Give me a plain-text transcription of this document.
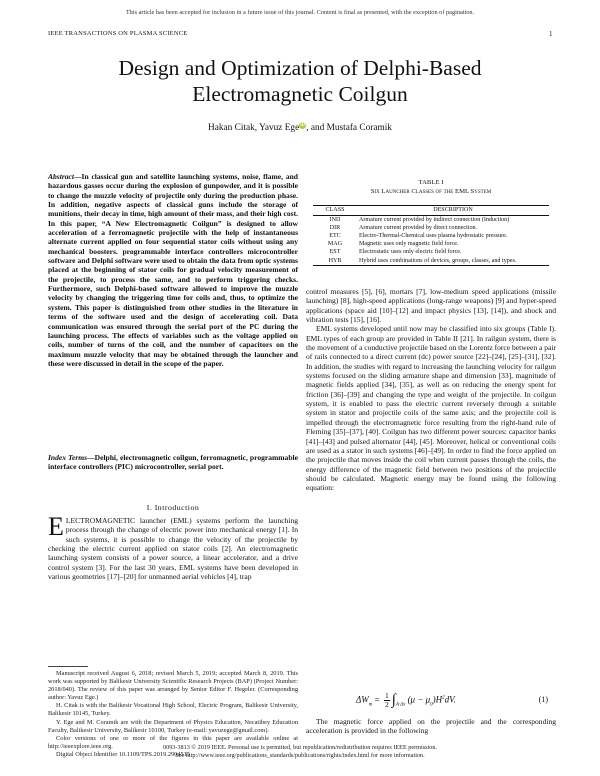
This article has been accepted for inclusion in a future issue of this journal. Content is final as presented, with the exception of pagination.
IEEE TRANSACTIONS ON PLASMA SCIENCE	1
Design and Optimization of Delphi-Based
Electromagnetic Coilgun
Hakan Citak, Yavuz EgeiD, and Mustafa Coramik
Abstract—In classical gun and satellite launching systems, noise, flame, and hazardous gasses occur during the explosion of gunpowder, and it is possible to change the muzzle velocity of projectile only during the production phase. In addition, negative aspects of classical guns include the storage of munitions, their decay in time, high amount of their mass, and their high cost. In this paper, “A New Electromagnetic Coilgun” is designed to allow acceleration of a ferromagnetic projectile with the help of instantaneous alternate current applied on four sequential stator coils without using any mechanical boosters. programmable interface controllers microcontroller software and Delphi software were used to obtain the data from optic systems placed at the beginning of stator coils for gradual velocity measurement of the projectile, to process the same, and to perform triggering checks. Furthermore, such Delphi-based software allowed to improve the muzzle velocity by changing the triggering time for coils and, thus, to optimize the system. This paper is distinguished from other studies in the literature in terms of the software used and the design of accelerating coil. Data communication was ensured through the serial port of the PC during the launching process. The effects of variables such as the voltage applied on coils, number of turns of the coil, and the number of capacitors on the maximum muzzle velocity that may be obtained through the launcher and these were discussed in detail in the scope of the paper.
Index Terms—Delphi, electromagnetic coilgun, ferromagnetic, programmable interface controllers (PIC) microcontroller, serial port.
I. Introduction

ELECTROMAGNETIC launcher (EML) systems perform the launching process through the change of electric power into mechanical energy [1]. In such systems, it is possible to change the velocity of the projectile by checking the electric current applied on stator coils [2]. An electromagnetic launching system consists of a power source, a linear accelerator, and a drive control system [3]. For the last 30 years, EML systems have been developed in various geometries [17]–[20] for unmanned aerial vehicles [4], trap

Manuscript received August 6, 2018; revised March 5, 2019; accepted March 8, 2019. This work was supported by Balikesir University Scientific Research Projects (BAP) (Project Number: 2018/040). The review of this paper was arranged by Senior Editor F. Hegeler. (Corresponding author: Yavuz Ege.)

H. Citak is with the Balikesir Vocational High School, Electric Program, Balikesir University, Balikesir 10145, Turkey.

Y. Ege and M. Coramik are with the Department of Physics Education, Necatibey Education Faculty, Balikesir University, Balikesir 10100, Turkey (e-mail: yavuzege@gmail.com).

Color versions of one or more of the figures in this paper are available online at http://ieeexplore.ieee.org.

Digital Object Identifier 10.1109/TPS.2019.2904515

TABLE I
Six Launcher Classes of the EML System
CLASS	DESCRIPTION
IND	Armature current provided by indirect connection (Induction)
DIR	Armature current provided by direct connection.
ETC	Electro-Thermal-Chemical uses plasma hydrostatic pressure.
MAG	Magnetic uses only magnetic field force.
EST	Electrostatic uses only electric field force.
HYB	Hybrid uses combinations of devices, groups, classes, and types.

control measures [5], [6], mortars [7], low-medium speed applications (missile launching) [8], high-speed applications (long-range weapons) [9] and hyper-speed applications (space aid [10]–[12] and impact physics [13], [14]), and shock and vibration tests [15], [16].

EML systems developed until now may be classified into six groups (Table I). EML types of each group are provided in Table II [21]. In railgun system, there is the movement of a conductive projectile based on the Lorentz force between a pair of rails connected to a direct current (dc) power source [22]–[24], [25]–[31], [32]. In addition, the studies with regard to increasing the launching velocity for railgun systems focused on the sliding armature shape and dimension [33], magnitude of magnetic fields applied [34], [35], as well as on reducing the energy spent for friction [36]–[39] and changing the type and weight of the projectile. In coilgun system, it is enabled to pass the electric current reversely through a suitable system in stator and projectile coils of the same axis; and the projectile coil is impelled through the electromagnetic force resulting from the right-hand rule of Fleming [35]–[37], [40]. Coilgun has two different power sources: capacitor banks [41]–[43] and pulsed alternator [44], [45]. Moreover, helical or conventional coils are used as a stator in such systems [46]–[49]. In order to find the force applied on the projectile that moves inside the coil when current passes through the coils, the energy difference of the magnetic field between two positions of the projectile should be calculated. Magnetic energy may be found using the following equation:

$\Delta W_m = \frac{1}{2} \int_{A\cdot\Delta x}$ $(\mu - \mu_0)H^2dV$.	(1)

The magnetic force applied on the projectile and the corresponding acceleration is provided in the following

0093-3813 © 2019 IEEE. Personal use is permitted, but republication/redistribution requires IEEE permission.
See http://www.ieee.org/publications_standards/publications/rights/index.html for more information.
